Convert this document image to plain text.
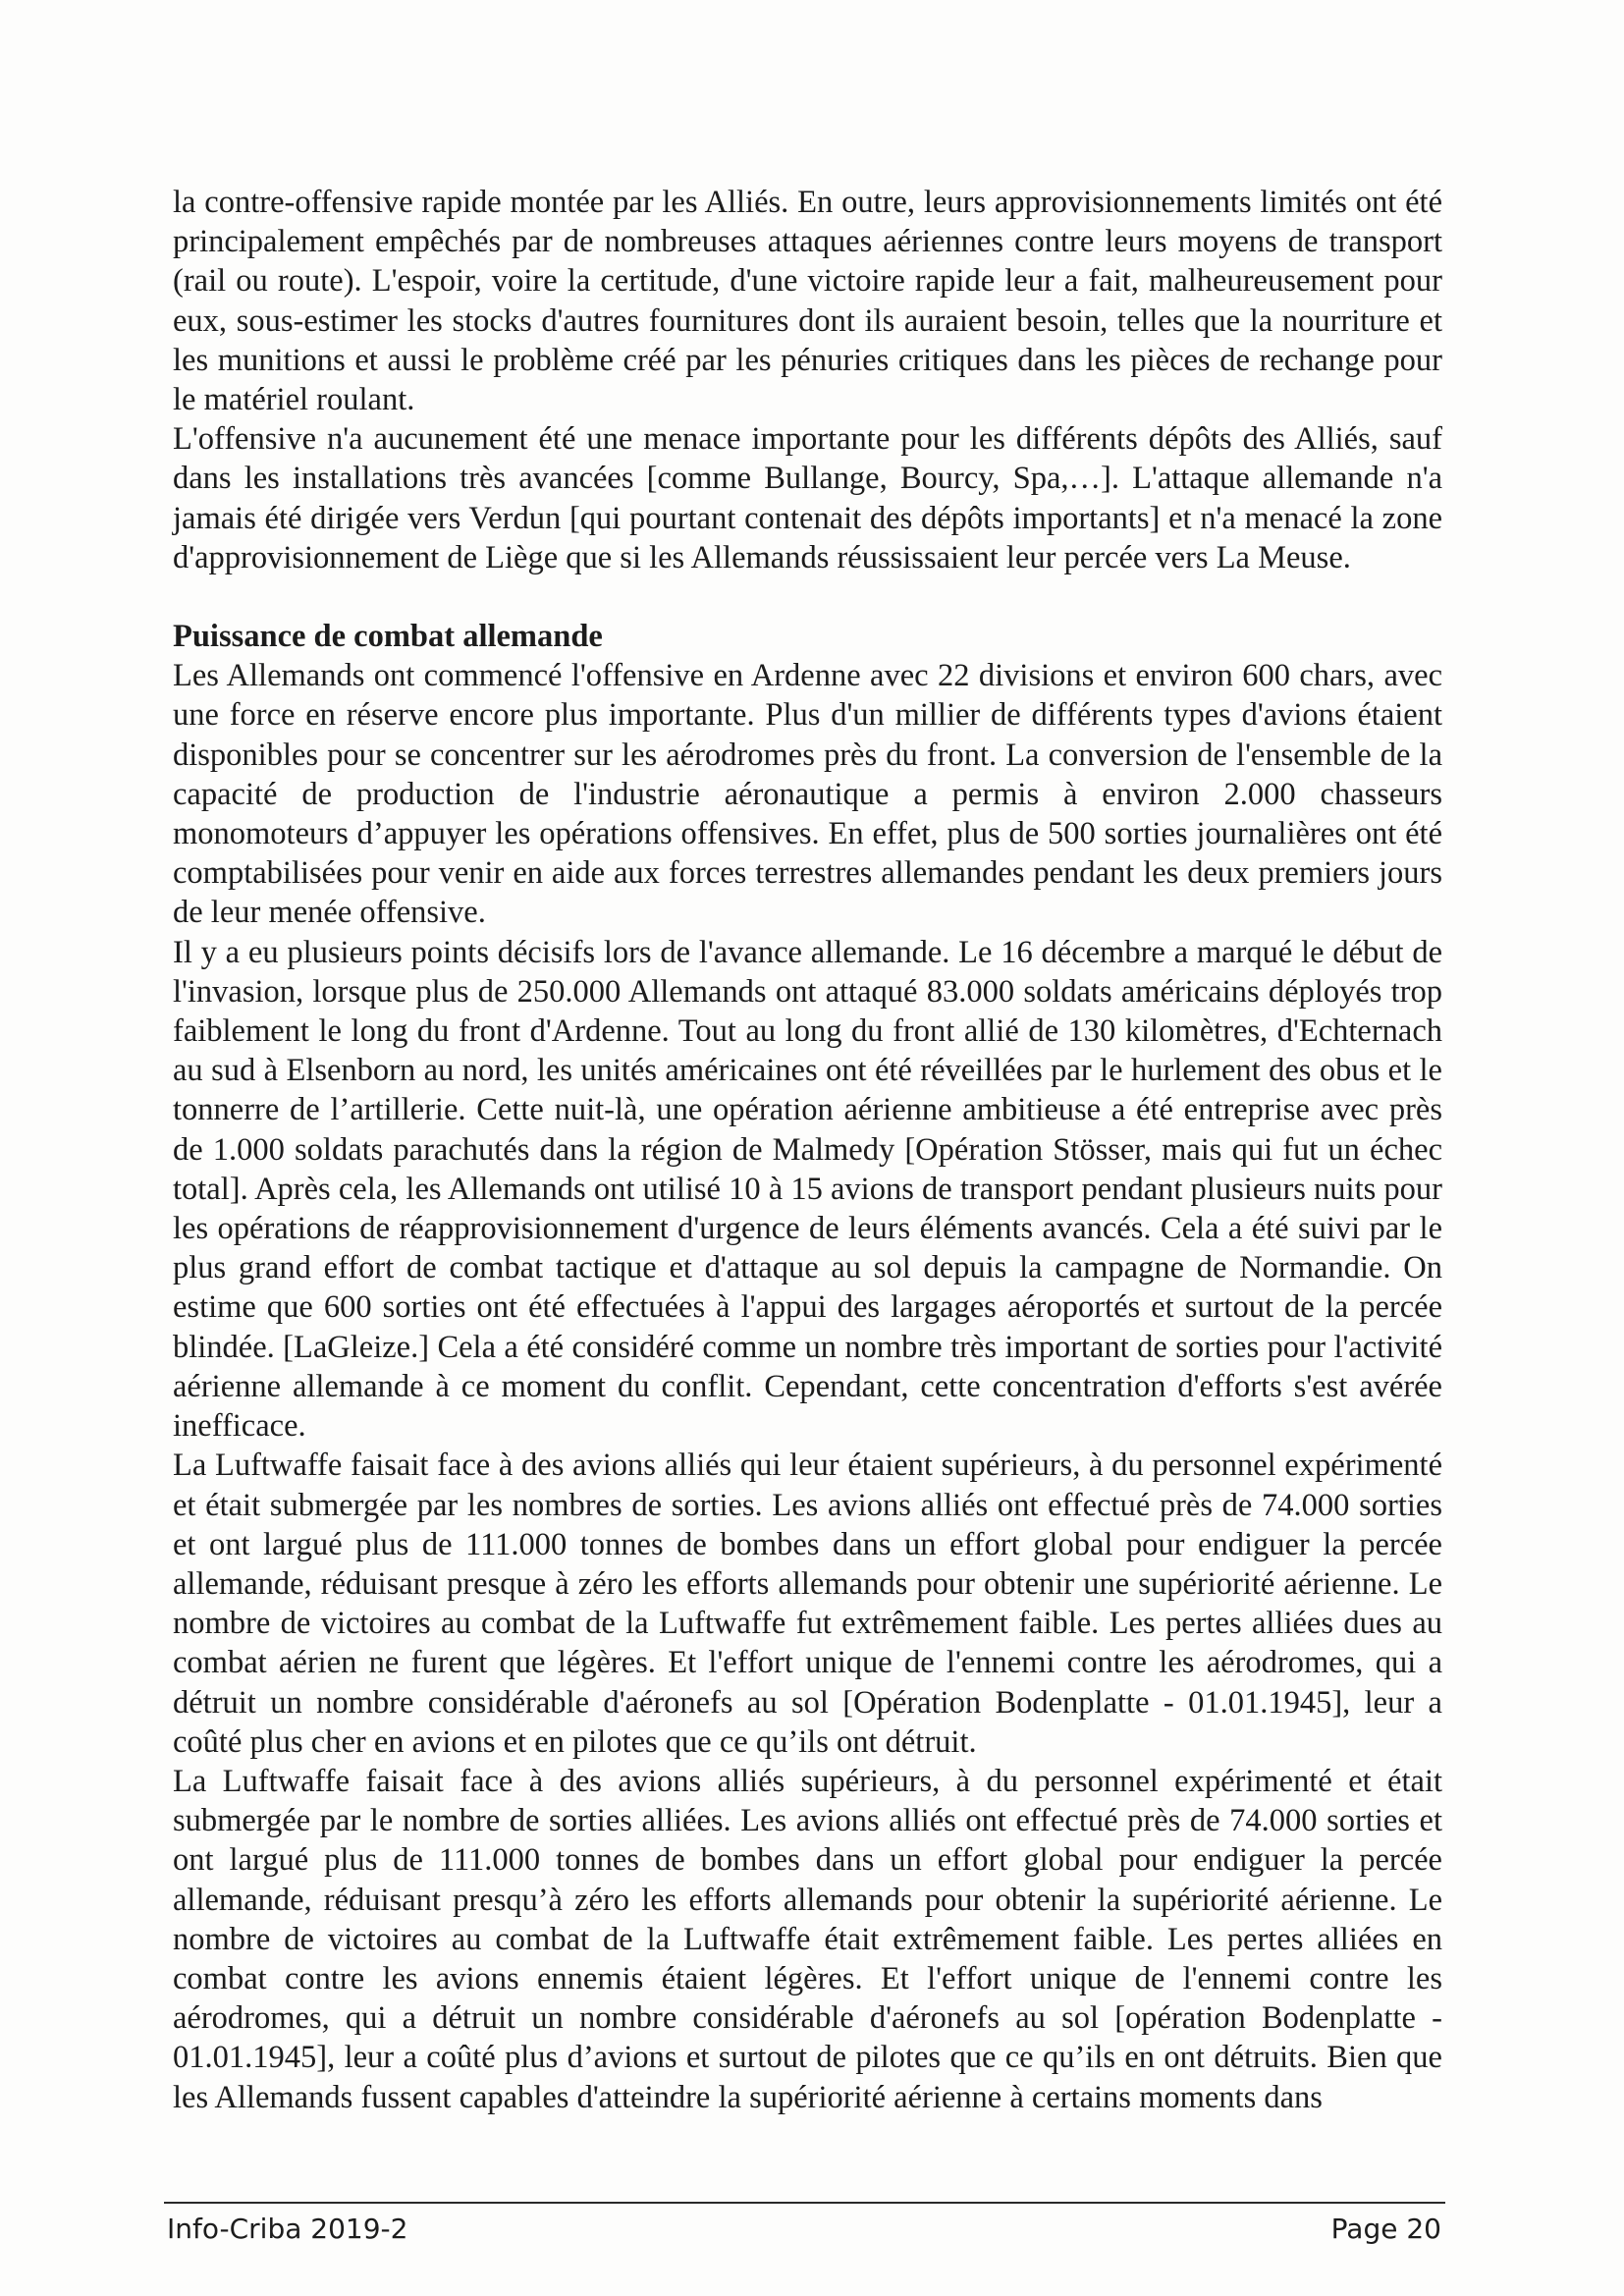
la contre-offensive rapide montée par les Alliés. En outre, leurs approvisionnements limités ont été principalement empêchés par de nombreuses attaques aériennes contre leurs moyens de transport (rail ou route). L'espoir, voire la certitude, d'une victoire rapide leur a fait, malheureusement pour eux, sous-estimer les stocks d'autres fournitures dont ils auraient besoin, telles que la nourriture et les munitions et aussi le problème créé par les pénuries critiques dans les pièces de rechange pour le matériel roulant.

L'offensive n'a aucunement été une menace importante pour les différents dépôts des Alliés, sauf dans les installations très avancées [comme Bullange, Bourcy, Spa,…]. L'attaque allemande n'a jamais été dirigée vers Verdun [qui pourtant contenait des dépôts importants] et n'a menacé la zone d'approvisionnement de Liège que si les Allemands réussissaient leur percée vers La Meuse.

Puissance de combat allemande

Les Allemands ont commencé l'offensive en Ardenne avec 22 divisions et environ 600 chars, avec une force en réserve encore plus importante. Plus d'un millier de différents types d'avions étaient disponibles pour se concentrer sur les aérodromes près du front. La conversion de l'ensemble de la capacité de production de l'industrie aéronautique a permis à environ 2.000 chasseurs monomoteurs d’appuyer les opérations offensives. En effet, plus de 500 sorties journalières ont été comptabilisées pour venir en aide aux forces terrestres allemandes pendant les deux premiers jours de leur menée offensive.

Il y a eu plusieurs points décisifs lors de l'avance allemande. Le 16 décembre a marqué le début de l'invasion, lorsque plus de 250.000 Allemands ont attaqué 83.000 soldats américains déployés trop faiblement le long du front d'Ardenne. Tout au long du front allié de 130 kilomètres, d'Echternach au sud à Elsenborn au nord, les unités américaines ont été réveillées par le hurlement des obus et le tonnerre de l’artillerie. Cette nuit-là, une opération aérienne ambitieuse a été entreprise avec près de 1.000 soldats parachutés dans la région de Malmedy [Opération Stösser, mais qui fut un échec total]. Après cela, les Allemands ont utilisé 10 à 15 avions de transport pendant plusieurs nuits pour les opérations de réapprovisionnement d'urgence de leurs éléments avancés. Cela a été suivi par le plus grand effort de combat tactique et d'attaque au sol depuis la campagne de Normandie. On estime que 600 sorties ont été effectuées à l'appui des largages aéroportés et surtout de la percée blindée. [LaGleize.] Cela a été considéré comme un nombre très important de sorties pour l'activité aérienne allemande à ce moment du conflit. Cependant, cette concentration d'efforts s'est avérée inefficace.

La Luftwaffe faisait face à des avions alliés qui leur étaient supérieurs, à du personnel expérimenté et était submergée par les nombres de sorties. Les avions alliés ont effectué près de 74.000 sorties et ont largué plus de 111.000 tonnes de bombes dans un effort global pour endiguer la percée allemande, réduisant presque à zéro les efforts allemands pour obtenir une supériorité aérienne. Le nombre de victoires au combat de la Luftwaffe fut extrêmement faible. Les pertes alliées dues au combat aérien ne furent que légères. Et l'effort unique de l'ennemi contre les aérodromes, qui a détruit un nombre considérable d'aéronefs au sol [Opération Bodenplatte - 01.01.1945], leur a coûté plus cher en avions et en pilotes que ce qu’ils ont détruit.

La Luftwaffe faisait face à des avions alliés supérieurs, à du personnel expérimenté et était submergée par le nombre de sorties alliées. Les avions alliés ont effectué près de 74.000 sorties et ont largué plus de 111.000 tonnes de bombes dans un effort global pour endiguer la percée allemande, réduisant presqu’à zéro les efforts allemands pour obtenir la supériorité aérienne. Le nombre de victoires au combat de la Luftwaffe était extrêmement faible. Les pertes alliées en combat contre les avions ennemis étaient légères. Et l'effort unique de l'ennemi contre les aérodromes, qui a détruit un nombre considérable d'aéronefs au sol [opération Bodenplatte - 01.01.1945], leur a coûté plus d’avions et surtout de pilotes que ce qu’ils en ont détruits. Bien que les Allemands fussent capables d'atteindre la supériorité aérienne à certains moments dans

Info-Criba 2019-2	Page 20
